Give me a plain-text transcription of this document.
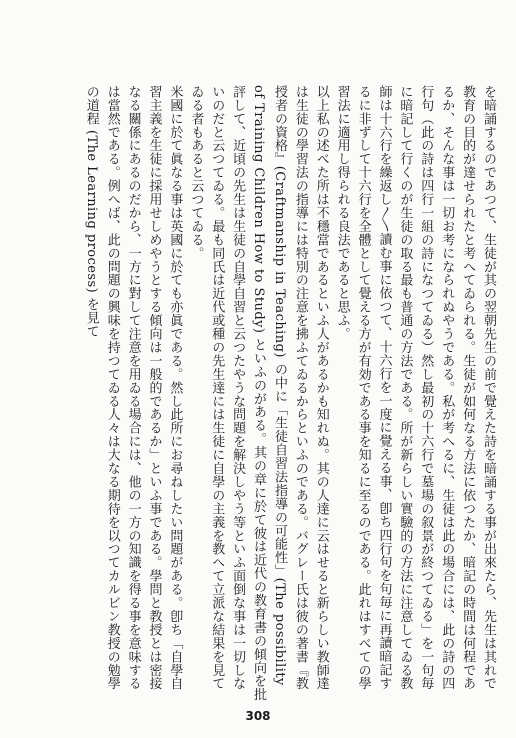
を暗誦するのであつて、生徒が其の翌朝先生の前で覺えた詩を暗誦する事が出來たら、先生は其れで教育の目的が達せられたと考へてゐられる。生徒が如何なる方法に依つたか、暗記の時間は何程であるか、そんな事は一切お考になられぬやうである。私が考へるに、生徒は此の場合には、此の詩の四行句（此の詩は四行一組の詩になつてゐる）然し最初の十六行で墓場の叙景が終つてゐる」を一句毎に暗記して行くのが生徒の取る最も普通の方法である。所が新らしい實驗的の方法に注意してゐる教師は十六行を繰返し〳〵讀む事に依つて、十六行を一度に覺える事、卽ち四行句を句毎に再讀暗記するに非ずして十六行を全體として覺える方が有効である事を知るに至るのである。此れはすべての學習法に適用し得られる良法であると思ふ。

以上私の述べた所は不穩當であるといふ人があるかも知れぬ。其の人達に云はせると新らしい教師達は生徒の學習法の指導には特別の注意を拂ふてゐるからといふのである。バグレー氏は彼の著書『教授者の資格』(Craftmanship in Teaching) の中に「生徒自習法指導の可能性」(The possibility of Training Children How to Study) といふのがある。其の章に於て彼は近代の教育書の傾向を批評して、近頃の先生は生徒の自學自習と云つたやうな問題を解決しやう等といふ面倒な事は一切しないのだと云つてゐる。最も同氏は近代或種の先生達には生徒に自學の主義を教へて立派な結果を見てゐる者もあると云つてゐる。

米國に於て眞なる事は英國に於ても亦眞である。然し此所にお尋ねしたい問題がある。卽ち「自學自習主義を生徒に採用せしめやうとする傾向は一般的であるか」といふ事である。學問と教授とは密接なる關係にあるのだから、一方に對して注意を用ゐる場合には、他の一方の知識を得る事を意味するは當然である。例へば、此の問題の興味を持つてゐる人々は大なる期待を以つてカルビン教授の勉學の道程 (The Learning process) を見て

308
